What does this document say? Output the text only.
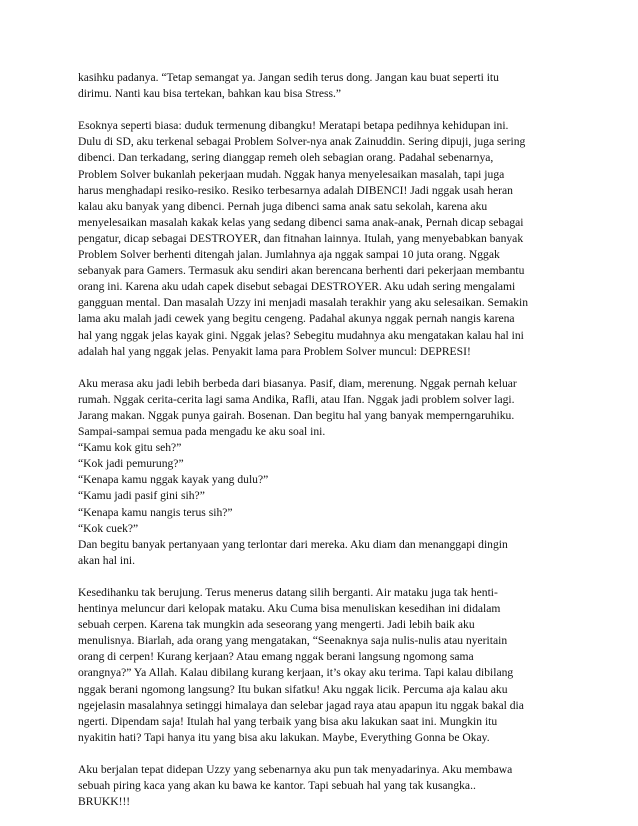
kasihku padanya. “Tetap semangat ya. Jangan sedih terus dong. Jangan kau buat seperti itu
dirimu. Nanti kau bisa tertekan, bahkan kau bisa Stress.”
Esoknya seperti biasa: duduk termenung dibangku! Meratapi betapa pedihnya kehidupan ini.
Dulu di SD, aku terkenal sebagai Problem Solver-nya anak Zainuddin. Sering dipuji, juga sering
dibenci. Dan terkadang, sering dianggap remeh oleh sebagian orang. Padahal sebenarnya,
Problem Solver bukanlah pekerjaan mudah. Nggak hanya menyelesaikan masalah, tapi juga
harus menghadapi resiko-resiko. Resiko terbesarnya adalah DIBENCI! Jadi nggak usah heran
kalau aku banyak yang dibenci. Pernah juga dibenci sama anak satu sekolah, karena aku
menyelesaikan masalah kakak kelas yang sedang dibenci sama anak-anak, Pernah dicap sebagai
pengatur, dicap sebagai DESTROYER, dan fitnahan lainnya. Itulah, yang menyebabkan banyak
Problem Solver berhenti ditengah jalan. Jumlahnya aja nggak sampai 10 juta orang. Nggak
sebanyak para Gamers. Termasuk aku sendiri akan berencana berhenti dari pekerjaan membantu
orang ini. Karena aku udah capek disebut sebagai DESTROYER. Aku udah sering mengalami
gangguan mental. Dan masalah Uzzy ini menjadi masalah terakhir yang aku selesaikan. Semakin
lama aku malah jadi cewek yang begitu cengeng. Padahal akunya nggak pernah nangis karena
hal yang nggak jelas kayak gini. Nggak jelas? Sebegitu mudahnya aku mengatakan kalau hal ini
adalah hal yang nggak jelas. Penyakit lama para Problem Solver muncul: DEPRESI!
Aku merasa aku jadi lebih berbeda dari biasanya. Pasif, diam, merenung. Nggak pernah keluar
rumah. Nggak cerita-cerita lagi sama Andika, Rafli, atau Ifan. Nggak jadi problem solver lagi.
Jarang makan. Nggak punya gairah. Bosenan. Dan begitu hal yang banyak memperngaruhiku.
Sampai-sampai semua pada mengadu ke aku soal ini.
“Kamu kok gitu seh?”
“Kok jadi pemurung?”
“Kenapa kamu nggak kayak yang dulu?”
“Kamu jadi pasif gini sih?”
“Kenapa kamu nangis terus sih?”
“Kok cuek?”
Dan begitu banyak pertanyaan yang terlontar dari mereka. Aku diam dan menanggapi dingin
akan hal ini.
Kesedihanku tak berujung. Terus menerus datang silih berganti. Air mataku juga tak henti-
hentinya meluncur dari kelopak mataku. Aku Cuma bisa menuliskan kesedihan ini didalam
sebuah cerpen. Karena tak mungkin ada seseorang yang mengerti. Jadi lebih baik aku
menulisnya. Biarlah, ada orang yang mengatakan, “Seenaknya saja nulis-nulis atau nyeritain
orang di cerpen! Kurang kerjaan? Atau emang nggak berani langsung ngomong sama
orangnya?” Ya Allah. Kalau dibilang kurang kerjaan, it’s okay aku terima. Tapi kalau dibilang
nggak berani ngomong langsung? Itu bukan sifatku! Aku nggak licik. Percuma aja kalau aku
ngejelasin masalahnya setinggi himalaya dan selebar jagad raya atau apapun itu nggak bakal dia
ngerti. Dipendam saja! Itulah hal yang terbaik yang bisa aku lakukan saat ini. Mungkin itu
nyakitin hati? Tapi hanya itu yang bisa aku lakukan. Maybe, Everything Gonna be Okay.
Aku berjalan tepat didepan Uzzy yang sebenarnya aku pun tak menyadarinya. Aku membawa
sebuah piring kaca yang akan ku bawa ke kantor. Tapi sebuah hal yang tak kusangka..
BRUKK!!!
